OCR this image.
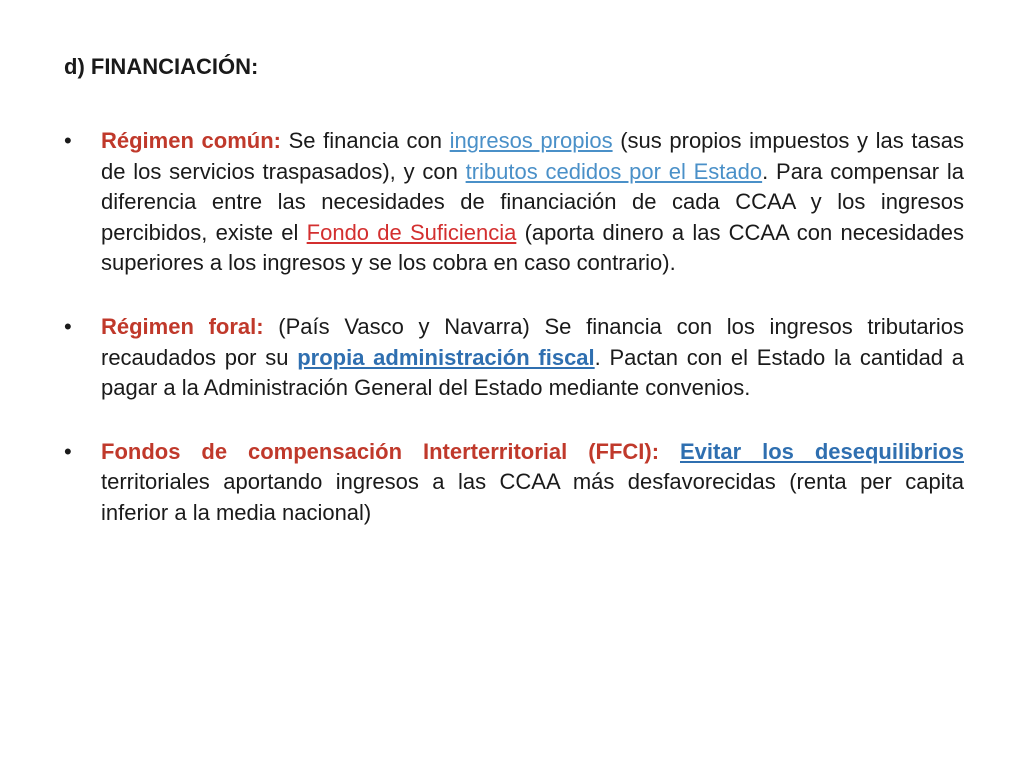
d) FINANCIACIÓN:
•	Régimen común: Se financia con ingresos propios (sus propios impuestos y las tasas de los servicios traspasados), y con tributos cedidos por el Estado. Para compensar la diferencia entre las necesidades de financiación de cada CCAA y los ingresos percibidos, existe el Fondo de Suficiencia (aporta dinero a las CCAA con necesidades superiores a los ingresos y se los cobra en caso contrario).
•	Régimen foral: (País Vasco y Navarra) Se financia con los ingresos tributarios recaudados por su propia administración fiscal. Pactan con el Estado la cantidad a pagar a la Administración General del Estado mediante convenios.
•	Fondos de compensación Interterritorial (FFCI): Evitar los desequilibrios territoriales aportando ingresos a las CCAA más desfavorecidas (renta per capita inferior a la media nacional)
